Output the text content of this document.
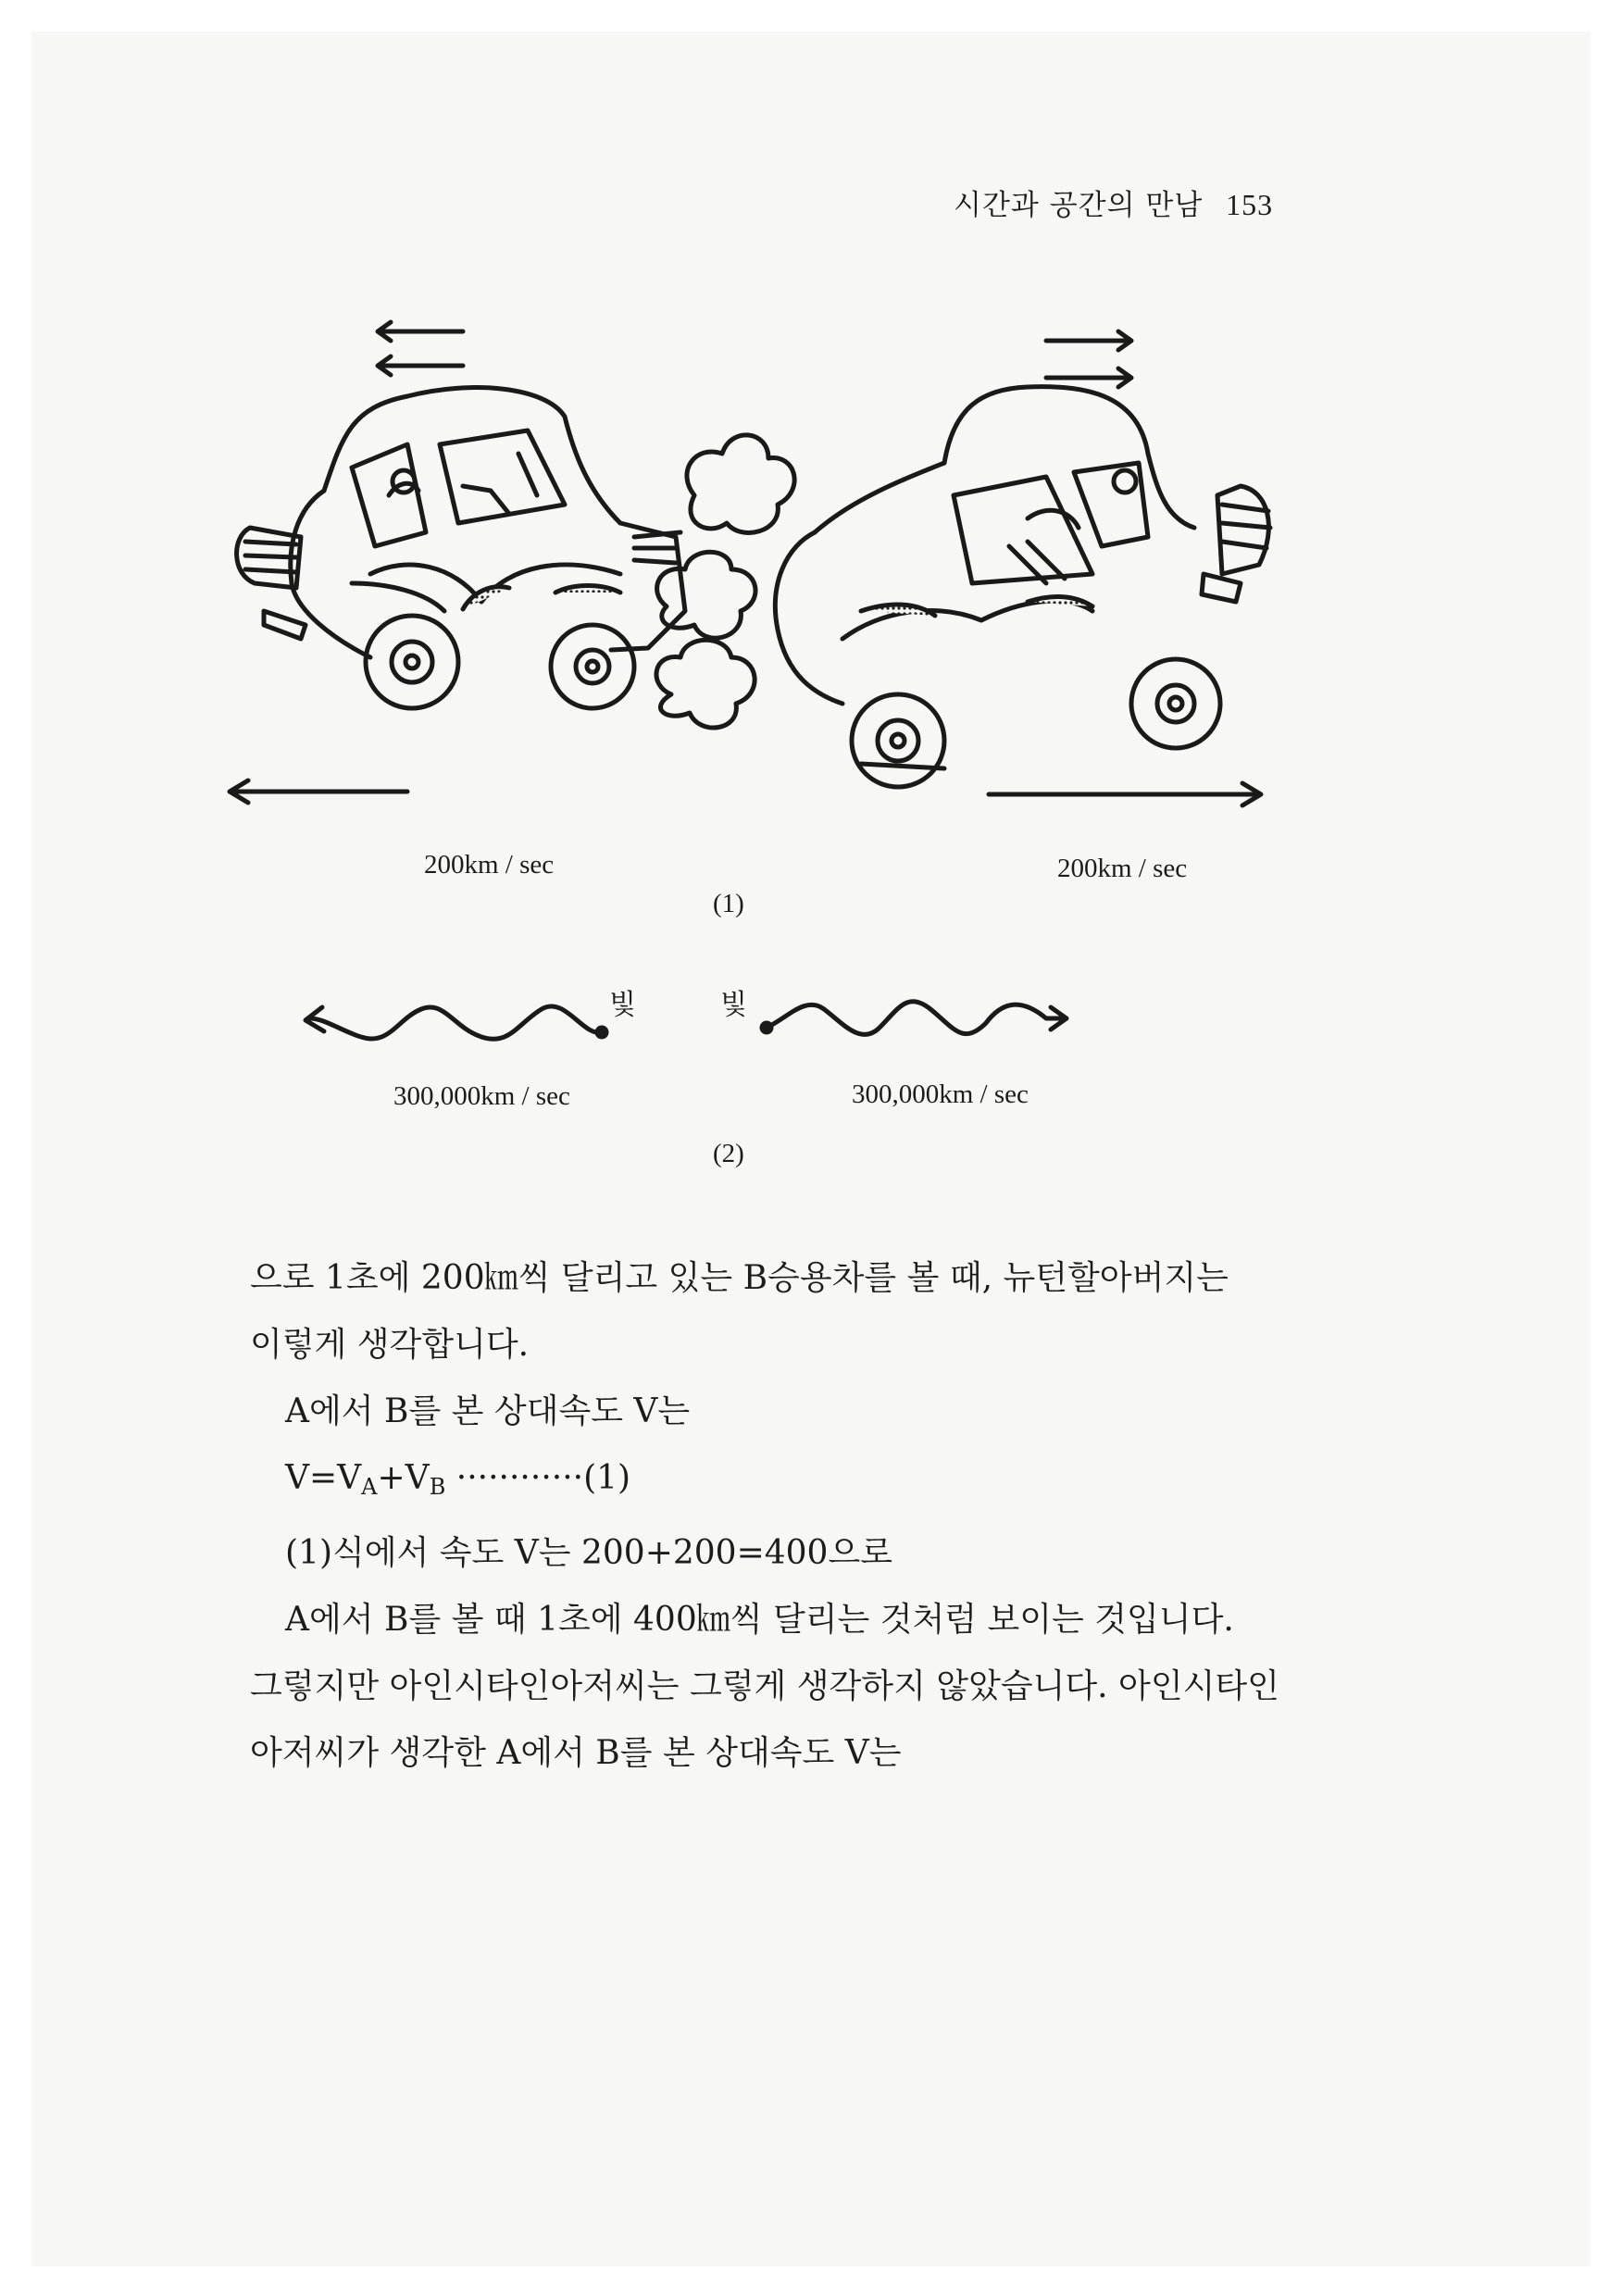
시간과 공간의 만남 153
200km / sec	200km / sec
(1)
빛	빛
300,000km / sec	300,000km / sec
(2)

으로 1초에 200㎞씩 달리고 있는 B승용차를 볼 때, 뉴턴할아버지는

이렇게 생각합니다.

A에서 B를 본 상대속도 V는

$V=V_A+V_B \cdot\cdot\cdot\cdot\cdot\cdot\cdot\cdot\cdot\cdot\cdot\cdot(1)$

(1)식에서 속도 V는 200+200=400으로

A에서 B를 볼 때 1초에 400㎞씩 달리는 것처럼 보이는 것입니다.

그렇지만 아인시타인아저씨는 그렇게 생각하지 않았습니다. 아인시타인

아저씨가 생각한 A에서 B를 본 상대속도 V는
